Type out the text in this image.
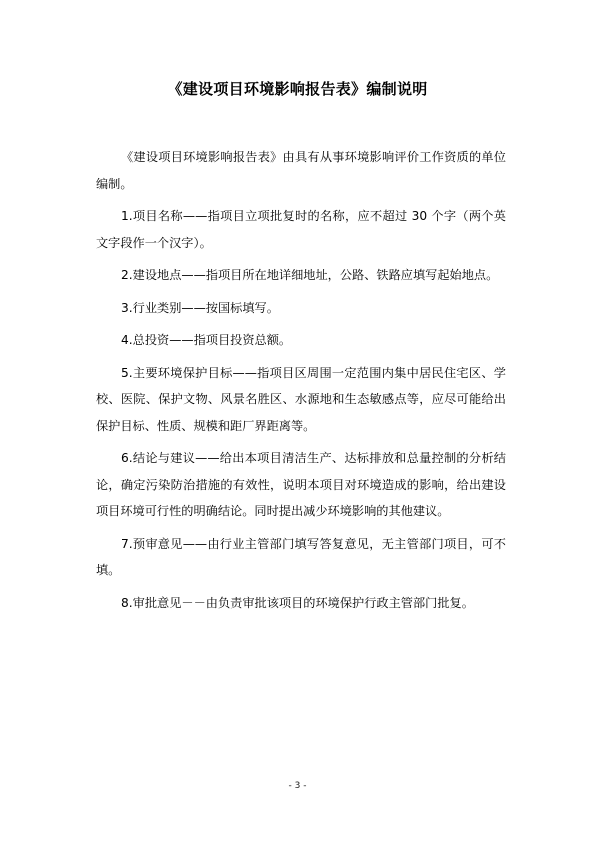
《建设项目环境影响报告表》编制说明

《建设项目环境影响报告表》由具有从事环境影响评价工作资质的单位编制。

1.项目名称——指项目立项批复时的名称，应不超过 30 个字（两个英文字段作一个汉字）。

2.建设地点——指项目所在地详细地址，公路、铁路应填写起始地点。

3.行业类别——按国标填写。

4.总投资——指项目投资总额。

5.主要环境保护目标——指项目区周围一定范围内集中居民住宅区、学校、医院、保护文物、风景名胜区、水源地和生态敏感点等，应尽可能给出保护目标、性质、规模和距厂界距离等。

6.结论与建议——给出本项目清洁生产、达标排放和总量控制的分析结论，确定污染防治措施的有效性，说明本项目对环境造成的影响，给出建设项目环境可行性的明确结论。同时提出减少环境影响的其他建议。

7.预审意见——由行业主管部门填写答复意见，无主管部门项目，可不填。

8.审批意见－－由负责审批该项目的环境保护行政主管部门批复。

- 3 -
